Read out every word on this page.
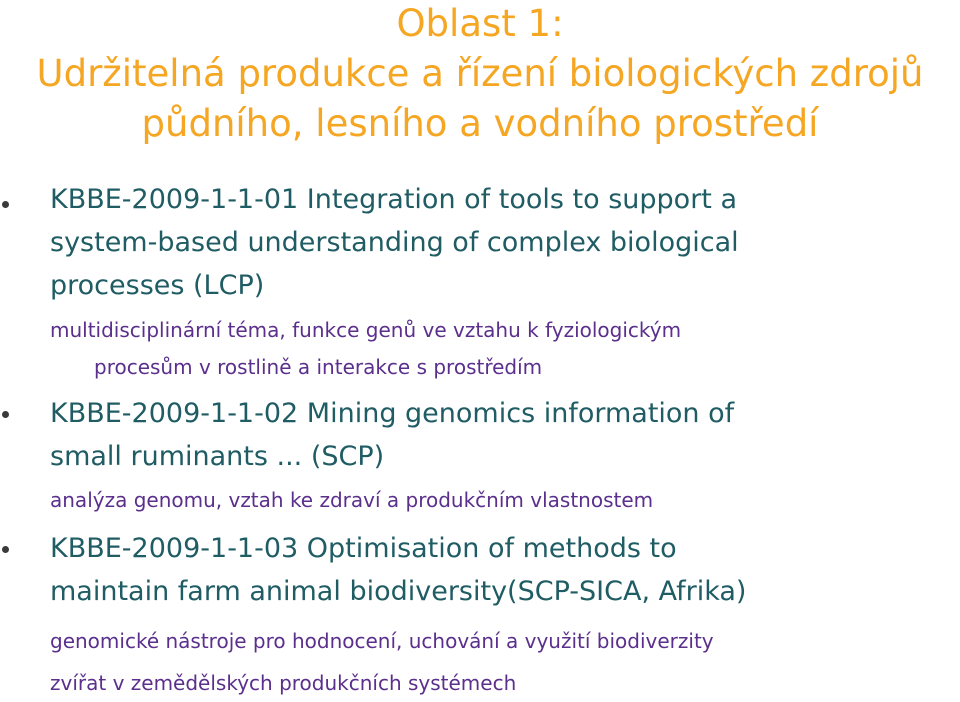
Oblast 1:
Udržitelná produkce a řízení biologických zdrojů
půdního, lesního a vodního prostředí
KBBE-2009-1-1-01 Integration of tools to support a
system-based understanding of complex biological
processes (LCP)
multidisciplinární téma, funkce genů ve vztahu k fyziologickým
procesům v rostlině a interakce s prostředím
KBBE-2009-1-1-02 Mining genomics information of
small ruminants ... (SCP)
analýza genomu, vztah ke zdraví a produkčním vlastnostem
KBBE-2009-1-1-03 Optimisation of methods to
maintain farm animal biodiversity(SCP-SICA, Afrika)
genomické nástroje pro hodnocení, uchování a využití biodiverzity
zvířat v zemědělských produkčních systémech
